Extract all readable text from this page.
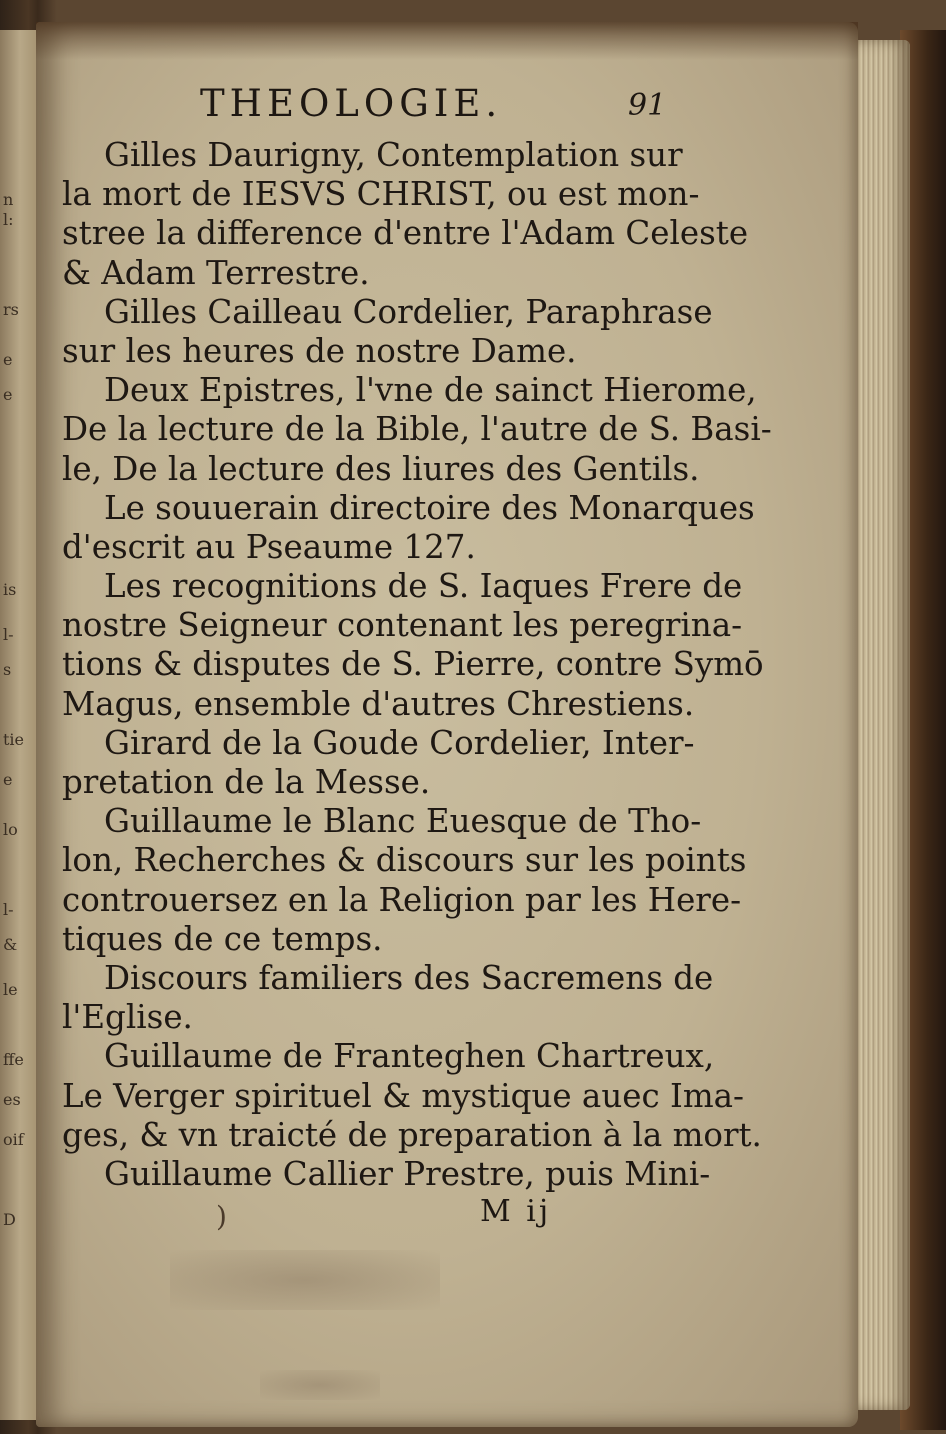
n
l:
rs
e
e
is
l-
s
tie
e
lo
l-
&
le
ffe
es
oif
D
THEOLOGIE.	91
Gilles Daurigny, Contemplation sur
la mort de IESVS CHRIST, ou est mon-
stree la difference d'entre l'Adam Celeste
& Adam Terrestre.
Gilles Cailleau Cordelier, Paraphrase
sur les heures de nostre Dame.
Deux Epistres, l'vne de sainct Hierome,
De la lecture de la Bible, l'autre de S. Basi-
le, De la lecture des liures des Gentils.
Le souuerain directoire des Monarques
d'escrit au Pseaume 127.
Les recognitions de S. Iaques Frere de
nostre Seigneur contenant les peregrina-
tions & disputes de S. Pierre, contre Symō
Magus, ensemble d'autres Chrestiens.
Girard de la Goude Cordelier, Inter-
pretation de la Messe.
Guillaume le Blanc Euesque de Tho-
lon, Recherches & discours sur les points
controuersez en la Religion par les Here-
tiques de ce temps.
Discours familiers des Sacremens de
l'Eglise.
Guillaume de Franteghen Chartreux,
Le Verger spirituel & mystique auec Ima-
ges, & vn traicté de preparation à la mort.
Guillaume Callier Prestre, puis Mini-
)	M ij
